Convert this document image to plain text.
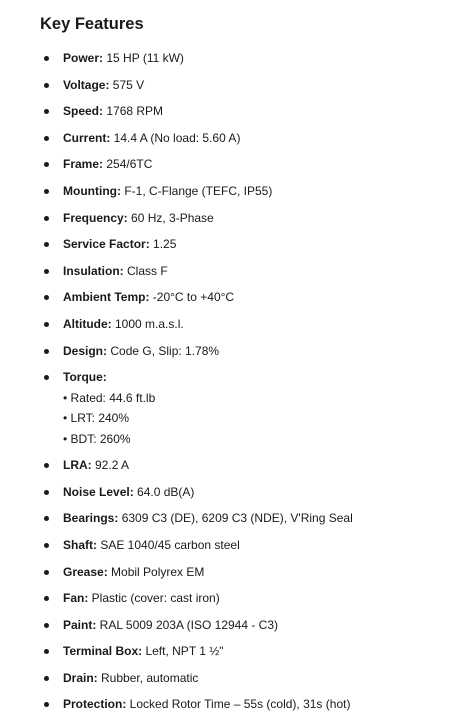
Key Features
Power: 15 HP (11 kW)
Voltage: 575 V
Speed: 1768 RPM
Current: 14.4 A (No load: 5.60 A)
Frame: 254/6TC
Mounting: F-1, C-Flange (TEFC, IP55)
Frequency: 60 Hz, 3-Phase
Service Factor: 1.25
Insulation: Class F
Ambient Temp: -20°C to +40°C
Altitude: 1000 m.a.s.l.
Design: Code G, Slip: 1.78%
Torque:
• Rated: 44.6 ft.lb
• LRT: 240%
• BDT: 260%
LRA: 92.2 A
Noise Level: 64.0 dB(A)
Bearings: 6309 C3 (DE), 6209 C3 (NDE), V'Ring Seal
Shaft: SAE 1040/45 carbon steel
Grease: Mobil Polyrex EM
Fan: Plastic (cover: cast iron)
Paint: RAL 5009 203A (ISO 12944 - C3)
Terminal Box: Left, NPT 1 ½"
Drain: Rubber, automatic
Protection: Locked Rotor Time – 55s (cold), 31s (hot)
